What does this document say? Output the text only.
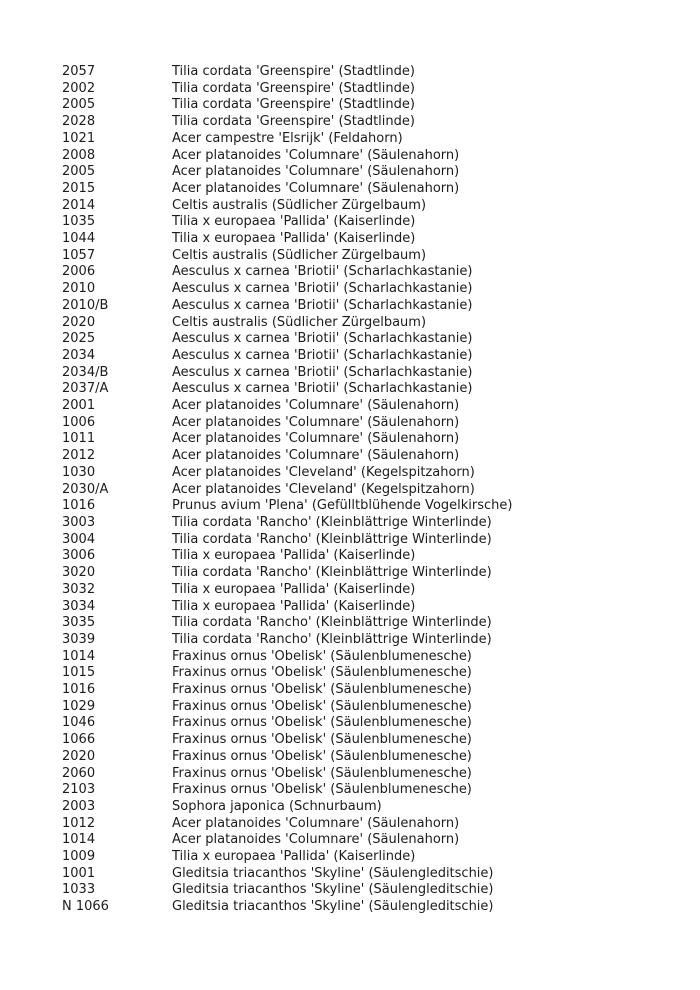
2057	Tilia cordata 'Greenspire' (Stadtlinde)
2002	Tilia cordata 'Greenspire' (Stadtlinde)
2005	Tilia cordata 'Greenspire' (Stadtlinde)
2028	Tilia cordata 'Greenspire' (Stadtlinde)
1021	Acer campestre 'Elsrijk' (Feldahorn)
2008	Acer platanoides 'Columnare' (Säulenahorn)
2005	Acer platanoides 'Columnare' (Säulenahorn)
2015	Acer platanoides 'Columnare' (Säulenahorn)
2014	Celtis australis (Südlicher Zürgelbaum)
1035	Tilia x europaea 'Pallida' (Kaiserlinde)
1044	Tilia x europaea 'Pallida' (Kaiserlinde)
1057	Celtis australis (Südlicher Zürgelbaum)
2006	Aesculus x carnea 'Briotii' (Scharlachkastanie)
2010	Aesculus x carnea 'Briotii' (Scharlachkastanie)
2010/B	Aesculus x carnea 'Briotii' (Scharlachkastanie)
2020	Celtis australis (Südlicher Zürgelbaum)
2025	Aesculus x carnea 'Briotii' (Scharlachkastanie)
2034	Aesculus x carnea 'Briotii' (Scharlachkastanie)
2034/B	Aesculus x carnea 'Briotii' (Scharlachkastanie)
2037/A	Aesculus x carnea 'Briotii' (Scharlachkastanie)
2001	Acer platanoides 'Columnare' (Säulenahorn)
1006	Acer platanoides 'Columnare' (Säulenahorn)
1011	Acer platanoides 'Columnare' (Säulenahorn)
2012	Acer platanoides 'Columnare' (Säulenahorn)
1030	Acer platanoides 'Cleveland' (Kegelspitzahorn)
2030/A	Acer platanoides 'Cleveland' (Kegelspitzahorn)
1016	Prunus avium 'Plena' (Gefülltblühende Vogelkirsche)
3003	Tilia cordata 'Rancho' (Kleinblättrige Winterlinde)
3004	Tilia cordata 'Rancho' (Kleinblättrige Winterlinde)
3006	Tilia x europaea 'Pallida' (Kaiserlinde)
3020	Tilia cordata 'Rancho' (Kleinblättrige Winterlinde)
3032	Tilia x europaea 'Pallida' (Kaiserlinde)
3034	Tilia x europaea 'Pallida' (Kaiserlinde)
3035	Tilia cordata 'Rancho' (Kleinblättrige Winterlinde)
3039	Tilia cordata 'Rancho' (Kleinblättrige Winterlinde)
1014	Fraxinus ornus 'Obelisk' (Säulenblumenesche)
1015	Fraxinus ornus 'Obelisk' (Säulenblumenesche)
1016	Fraxinus ornus 'Obelisk' (Säulenblumenesche)
1029	Fraxinus ornus 'Obelisk' (Säulenblumenesche)
1046	Fraxinus ornus 'Obelisk' (Säulenblumenesche)
1066	Fraxinus ornus 'Obelisk' (Säulenblumenesche)
2020	Fraxinus ornus 'Obelisk' (Säulenblumenesche)
2060	Fraxinus ornus 'Obelisk' (Säulenblumenesche)
2103	Fraxinus ornus 'Obelisk' (Säulenblumenesche)
2003	Sophora japonica (Schnurbaum)
1012	Acer platanoides 'Columnare' (Säulenahorn)
1014	Acer platanoides 'Columnare' (Säulenahorn)
1009	Tilia x europaea 'Pallida' (Kaiserlinde)
1001	Gleditsia triacanthos 'Skyline' (Säulengleditschie)
1033	Gleditsia triacanthos 'Skyline' (Säulengleditschie)
N 1066	Gleditsia triacanthos 'Skyline' (Säulengleditschie)
